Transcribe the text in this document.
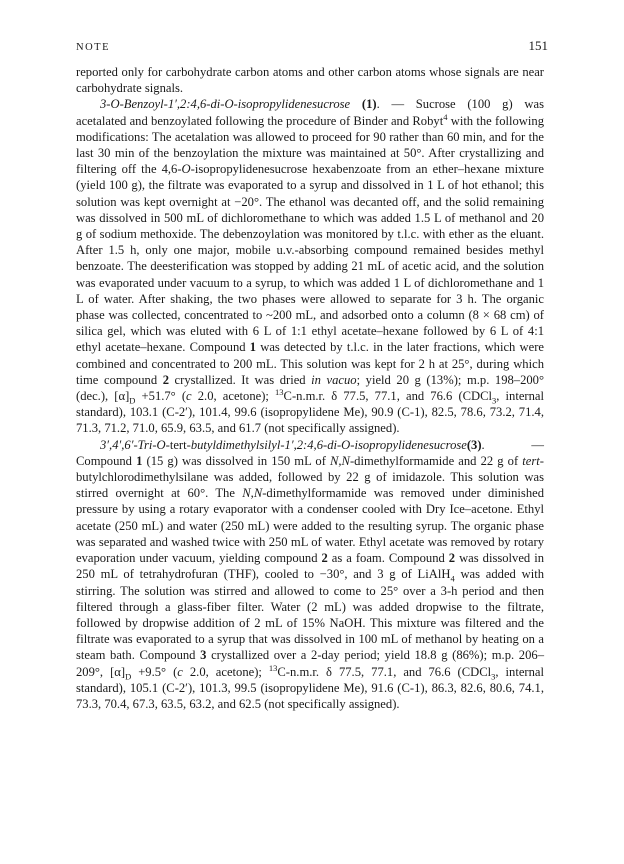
NOTE	151

reported only for carbohydrate carbon atoms and other carbon atoms whose signals are near carbohydrate signals.

3-O-Benzoyl-1′,2:4,6-di-O-isopropylidenesucrose (1). — Sucrose (100 g) was acetalated and benzoylated following the procedure of Binder and Robyt$^4$ with the following modifications: The acetalation was allowed to proceed for 90 rather than 60 min, and for the last 30 min of the benzoylation the mixture was maintained at 50°. After crystallizing and filtering off the 4,6-O-isopropylidenesucrose hexabenzoate from an ether–hexane mixture (yield 100 g), the filtrate was evaporated to a syrup and dissolved in 1 L of hot ethanol; this solution was kept overnight at −20°. The ethanol was decanted off, and the solid remaining was dissolved in 500 mL of dichloromethane to which was added 1.5 L of methanol and 20 g of sodium methoxide. The debenzoylation was monitored by t.l.c. with ether as the eluant. After 1.5 h, only one major, mobile u.v.-absorbing compound remained besides methyl benzoate. The deesterification was stopped by adding 21 mL of acetic acid, and the solution was evaporated under vacuum to a syrup, to which was added 1 L of dichloromethane and 1 L of water. After shaking, the two phases were allowed to separate for 3 h. The organic phase was collected, concentrated to ~200 mL, and adsorbed onto a column (8 × 68 cm) of silica gel, which was eluted with 6 L of 1:1 ethyl acetate–hexane followed by 6 L of 4:1 ethyl acetate–hexane. Compound 1 was detected by t.l.c. in the later fractions, which were combined and concentrated to 200 mL. This solution was kept for 2 h at 25°, during which time compound 2 crystallized. It was dried in vacuo; yield 20 g (13%); m.p. 198–200° (dec.), $[\alpha]_D +51.7^\circ$ (c 2.0, acetone); $^{13}$C-n.m.r. δ 77.5, 77.1, and 76.6 (CDCl$_3$, internal standard), 103.1 (C-2′), 101.4, 99.6 (isopropylidene Me), 90.9 (C-1), 82.5, 78.6, 73.2, 71.4, 71.3, 71.2, 71.0, 65.9, 63.5, and 61.7 (not specifically assigned).

3′,4′,6′-Tri-O-tert-butyldimethylsilyl-1′,2:4,6-di-O-isopropylidenesucrose(3). — Compound 1 (15 g) was dissolved in 150 mL of N,N-dimethylformamide and 22 g of tert-butylchlorodimethylsilane was added, followed by 22 g of imidazole. This solution was stirred overnight at 60°. The N,N-dimethylformamide was removed under diminished pressure by using a rotary evaporator with a condenser cooled with Dry Ice–acetone. Ethyl acetate (250 mL) and water (250 mL) were added to the resulting syrup. The organic phase was separated and washed twice with 250 mL of water. Ethyl acetate was removed by rotary evaporation under vacuum, yielding compound 2 as a foam. Compound 2 was dissolved in 250 mL of tetrahydrofuran (THF), cooled to −30°, and 3 g of LiAlH$_4$ was added with stirring. The solution was stirred and allowed to come to 25° over a 3-h period and then filtered through a glass-fiber filter. Water (2 mL) was added dropwise to the filtrate, followed by dropwise addition of 2 mL of 15% NaOH. This mixture was filtered and the filtrate was evaporated to a syrup that was dissolved in 100 mL of methanol by heating on a steam bath. Compound 3 crystallized over a 2-day period; yield 18.8 g (86%); m.p. 206–209°, $[\alpha]_D +9.5^\circ$ (c 2.0, acetone); $^{13}$C-n.m.r. δ 77.5, 77.1, and 76.6 (CDCl$_3$, internal standard), 105.1 (C-2′), 101.3, 99.5 (isopropylidene Me), 91.6 (C-1), 86.3, 82.6, 80.6, 74.1, 73.3, 70.4, 67.3, 63.5, 63.2, and 62.5 (not specifically assigned).
